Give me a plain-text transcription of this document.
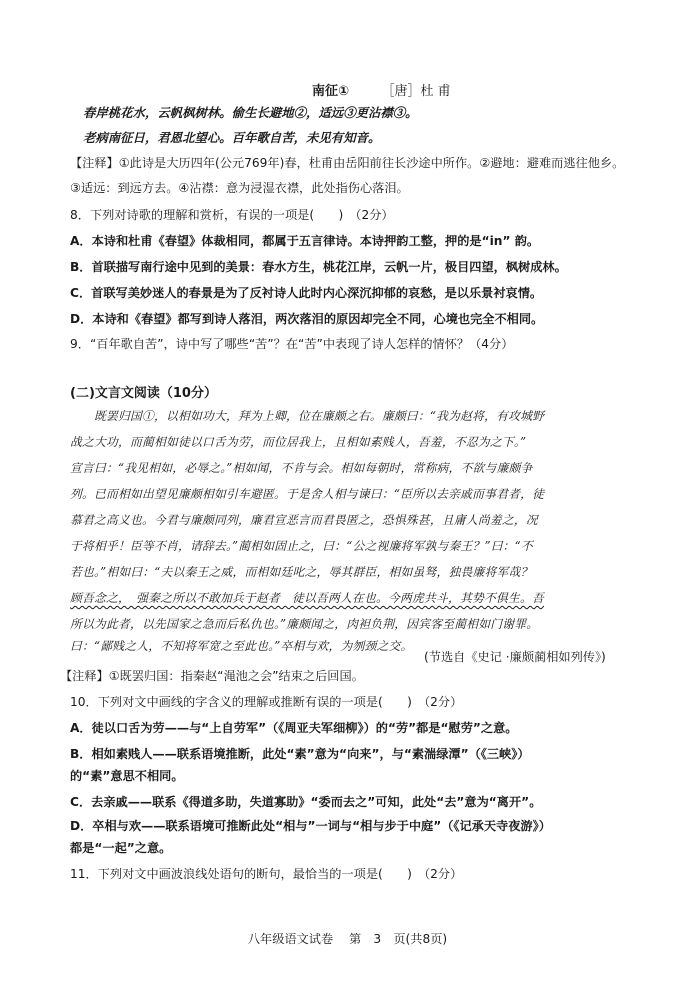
南征①	［唐］杜 甫
春岸桃花水，云帆枫树林。偷生长避地②，适远③更沾襟③。
老病南征日，君恩北望心。百年歌自苦，未见有知音。
【注释】①此诗是大历四年(公元769年)春，杜甫由岳阳前往长沙途中所作。②避地：避难而逃往他乡。
③适远：到远方去。④沾襟：意为浸湿衣襟，此处指伤心落泪。
8．下列对诗歌的理解和赏析，有误的一项是(　　)　（2分）
A．本诗和杜甫《春望》体裁相同，都属于五言律诗。本诗押韵工整，押的是“in” 韵。
B．首联描写南行途中见到的美景：春水方生，桃花江岸，云帆一片，极目四望，枫树成林。
C．首联写美妙迷人的春景是为了反衬诗人此时内心深沉抑郁的哀愁，是以乐景衬哀情。
D．本诗和《春望》都写到诗人落泪，两次落泪的原因却完全不同，心境也完全不相同。
9．“百年歌自苦”，诗中写了哪些“苦”？在“苦”中表现了诗人怎样的情怀？（4分）
(二)文言文阅读（10分）
　　既罢归国①，以相如功大，拜为上卿，位在廉颇之右。廉颇曰：“我为赵将，有攻城野
战之大功，而蔺相如徒以口舌为劳，而位居我上，且相如素贱人，吾羞，不忍为之下。”
宣言曰：“我见相如，必辱之。”相如闻，不肯与会。相如每朝时，常称病，不欲与廉颇争
列。已而相如出望见廉颇相如引车避匿。于是舍人相与谏曰：“臣所以去亲戚而事君者，徒
慕君之高义也。今君与廉颇同列，廉君宣恶言而君畏匿之，恐惧殊甚，且庸人尚羞之，况
于将相乎！臣等不肖，请辞去。”蔺相如固止之，曰：“公之视廉将军孰与秦王？”曰：“不
若也。”相如曰：“夫以秦王之威，而相如廷叱之，辱其群臣，相如虽驽，独畏廉将军哉？
顾吾念之，　强秦之所以不敢加兵于赵者　徒以吾两人在也。今两虎共斗，其势不俱生。吾
所以为此者，以先国家之急而后私仇也。”廉颇闻之，肉袒负荆，因宾客至蔺相如门谢罪。
曰：“鄙贱之人，不知将军宽之至此也。”卒相与欢，为刎颈之交。
(节选自《史记 ·廉颇蔺相如列传》)
【注释】①既罢归国：指秦赵“渑池之会”结束之后回国。
10．下列对文中画线的字含义的理解或推断有误的一项是(　　)　（2分）
A．徒以口舌为劳——与“上自劳军”（《周亚夫军细柳》）的“劳”都是“慰劳”之意。
B．相如素贱人——联系语境推断，此处“素”意为“向来”，与“素湍绿潭”（《三峡》）
的“素”意思不相同。
C．去亲戚——联系《得道多助，失道寡助》“委而去之”可知，此处“去”意为“离开”。
D．卒相与欢——联系语境可推断此处“相与”一词与“相与步于中庭”（《记承天寺夜游》）
都是“一起”之意。
11．下列对文中画波浪线处语句的断句，最恰当的一项是(　　)　（2分）
八年级语文试卷 第　3　页(共8页)
